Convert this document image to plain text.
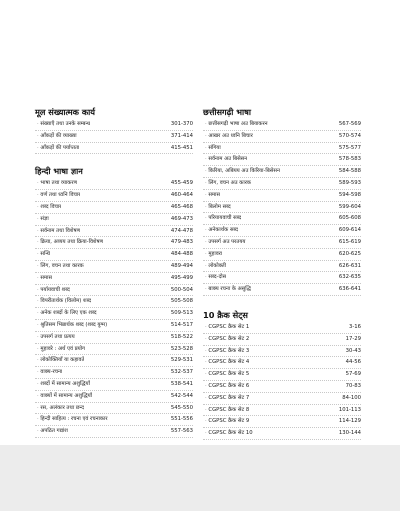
मूल संख्यात्मक कार्य
· संख्याएँ तथा उनके सम्बन्ध	301-370
· आँकड़ों की व्याख्या	371-414
· आँकड़ों की पर्याप्तता	415-451
हिन्दी भाषा ज्ञान
· भाषा तथा व्याकरण	455-459
· वर्ण तथा ध्वनि विचार	460-464
· शब्द विचार	465-468
· संज्ञा	469-473
· सर्वनाम तथा विशेषण	474-478
· क्रिया, अव्यय तथा क्रिया-विशेषण	479-483
· सन्धि	484-488
· लिंग, वचन तथा कारक	489-494
· समास	495-499
· पर्यायवाची शब्द	500-504
· विपरीतार्थक (विलोम) शब्द	505-508
· अनेक शब्दों के लिए एक शब्द	509-513
· श्रुतिसम भिन्नार्थक शब्द (शब्द युग्म)	514-517
· उपसर्ग तथा प्रत्यय	518-522
· मुहावरे : अर्थ एवं प्रयोग	523-528
· लोकोक्तियाँ या कहावतें	529-531
· वाक्य-रचना	532-537
· शब्दों में सामान्य अशुद्धियाँ	538-541
· वाक्यों में सामान्य अशुद्धियाँ	542-544
· रस, अलंकार तथा छन्द	545-550
· हिन्दी साहित्य : रचना एवं रचनाकार	551-556
· अपठित गद्यांश	557-563
छत्तीसगढ़ी भाषा
· छत्तीसगढ़ी भाषा अउ बियाकरन	567-569
· आखर अउ ध्वनि बिचार	570-574
· संगिया	575-577
· सर्वनाम अउ बिसेसन	578-583
· किरिया, अबियय अउ किरिया-बिसेसन	584-588
· लिंग, वचन अउ कारक	589-593
· समास	594-598
· बिलोम सब्द	599-604
· परियायवाची सब्द	605-608
· अनेकार्थक सब्द	609-614
· उपसर्ग अउ परतयय	615-619
· मुहावरा	620-625
· लोकोक्ती	626-631
· सब्द-दोस	632-635
· बाक्य रचना के असुद्धि	636-641
10 क्रैक सेट्स
· CGPSC क्रैक सेट 1	3-16
· CGPSC क्रैक सेट 2	17-29
· CGPSC क्रैक सेट 3	30-43
· CGPSC क्रैक सेट 4	44-56
· CGPSC क्रैक सेट 5	57-69
· CGPSC क्रैक सेट 6	70-83
· CGPSC क्रैक सेट 7	84-100
· CGPSC क्रैक सेट 8	101-113
· CGPSC क्रैक सेट 9	114-129
· CGPSC क्रैक सेट 10	130-144
